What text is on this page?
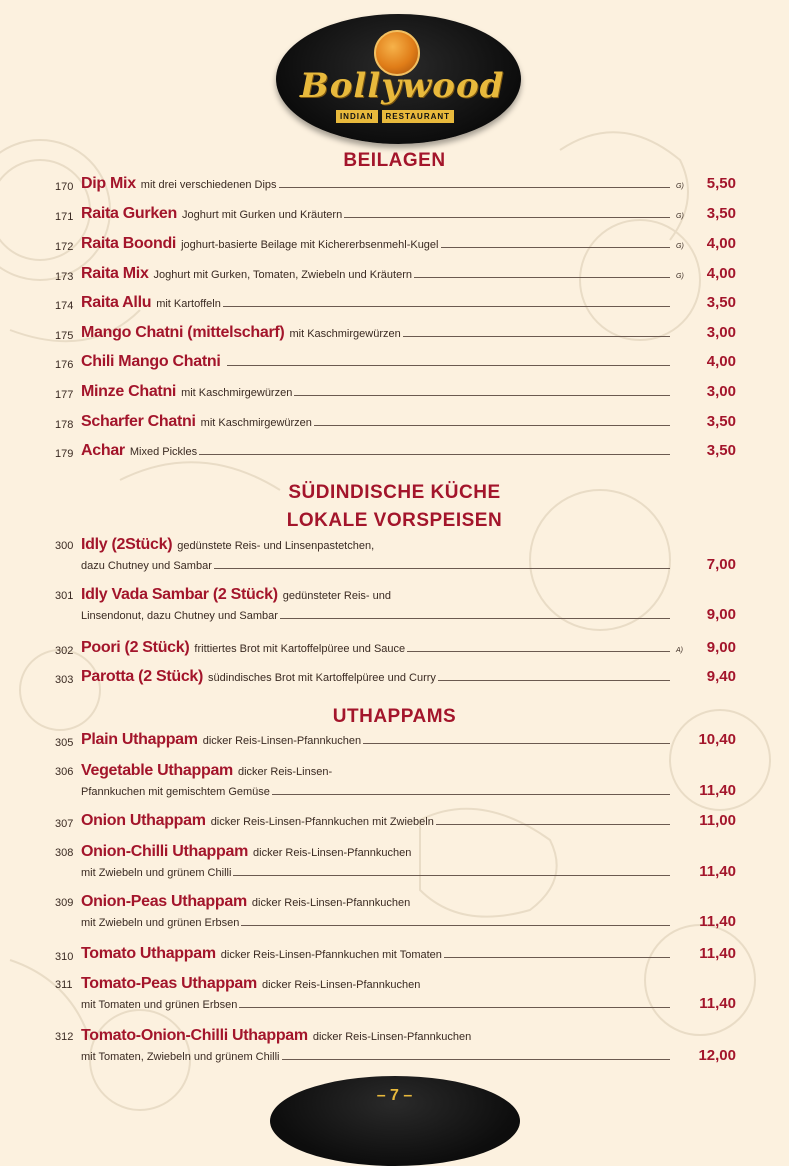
Bollywood
INDIAN	RESTAURANT
BEILAGEN
170 Dip Mix mit drei verschiedenen Dips	G)	5,50
171 Raita Gurken Joghurt mit Gurken und Kräutern	G)	3,50
172 Raita Boondi joghurt-basierte Beilage mit Kichererbsenmehl-Kugel	G)	4,00
173 Raita Mix Joghurt mit Gurken, Tomaten, Zwiebeln und Kräutern	G)	4,00
174 Raita Allu mit Kartoffeln	3,50
175 Mango Chatni (mittelscharf) mit Kaschmirgewürzen	3,00
176 Chili Mango Chatni	4,00
177 Minze Chatni mit Kaschmirgewürzen	3,00
178 Scharfer Chatni mit Kaschmirgewürzen	3,50
179 Achar Mixed Pickles	3,50
SÜDINDISCHE KÜCHE
LOKALE VORSPEISEN
300 Idly (2Stück) gedünstete Reis- und Linsenpastetchen,
dazu Chutney und Sambar	7,00
301 Idly Vada Sambar (2 Stück) gedünsteter Reis- und
Linsendonut, dazu Chutney und Sambar	9,00
302 Poori (2 Stück) frittiertes Brot mit Kartoffelpüree und Sauce	A)	9,00
303 Parotta (2 Stück) südindisches Brot mit Kartoffelpüree und Curry	9,40
UTHAPPAMS
305 Plain Uthappam dicker Reis-Linsen-Pfannkuchen	10,40
306 Vegetable Uthappam dicker Reis-Linsen-
Pfannkuchen mit gemischtem Gemüse	11,40
307 Onion Uthappam dicker Reis-Linsen-Pfannkuchen mit Zwiebeln	11,00
308 Onion-Chilli Uthappam dicker Reis-Linsen-Pfannkuchen
mit Zwiebeln und grünem Chilli	11,40
309 Onion-Peas Uthappam dicker Reis-Linsen-Pfannkuchen
mit Zwiebeln und grünen Erbsen	11,40
310 Tomato Uthappam dicker Reis-Linsen-Pfannkuchen mit Tomaten	11,40
311 Tomato-Peas Uthappam dicker Reis-Linsen-Pfannkuchen
mit Tomaten und grünen Erbsen	11,40
312 Tomato-Onion-Chilli Uthappam dicker Reis-Linsen-Pfannkuchen
mit Tomaten, Zwiebeln und grünem Chilli	12,00
– 7 –
